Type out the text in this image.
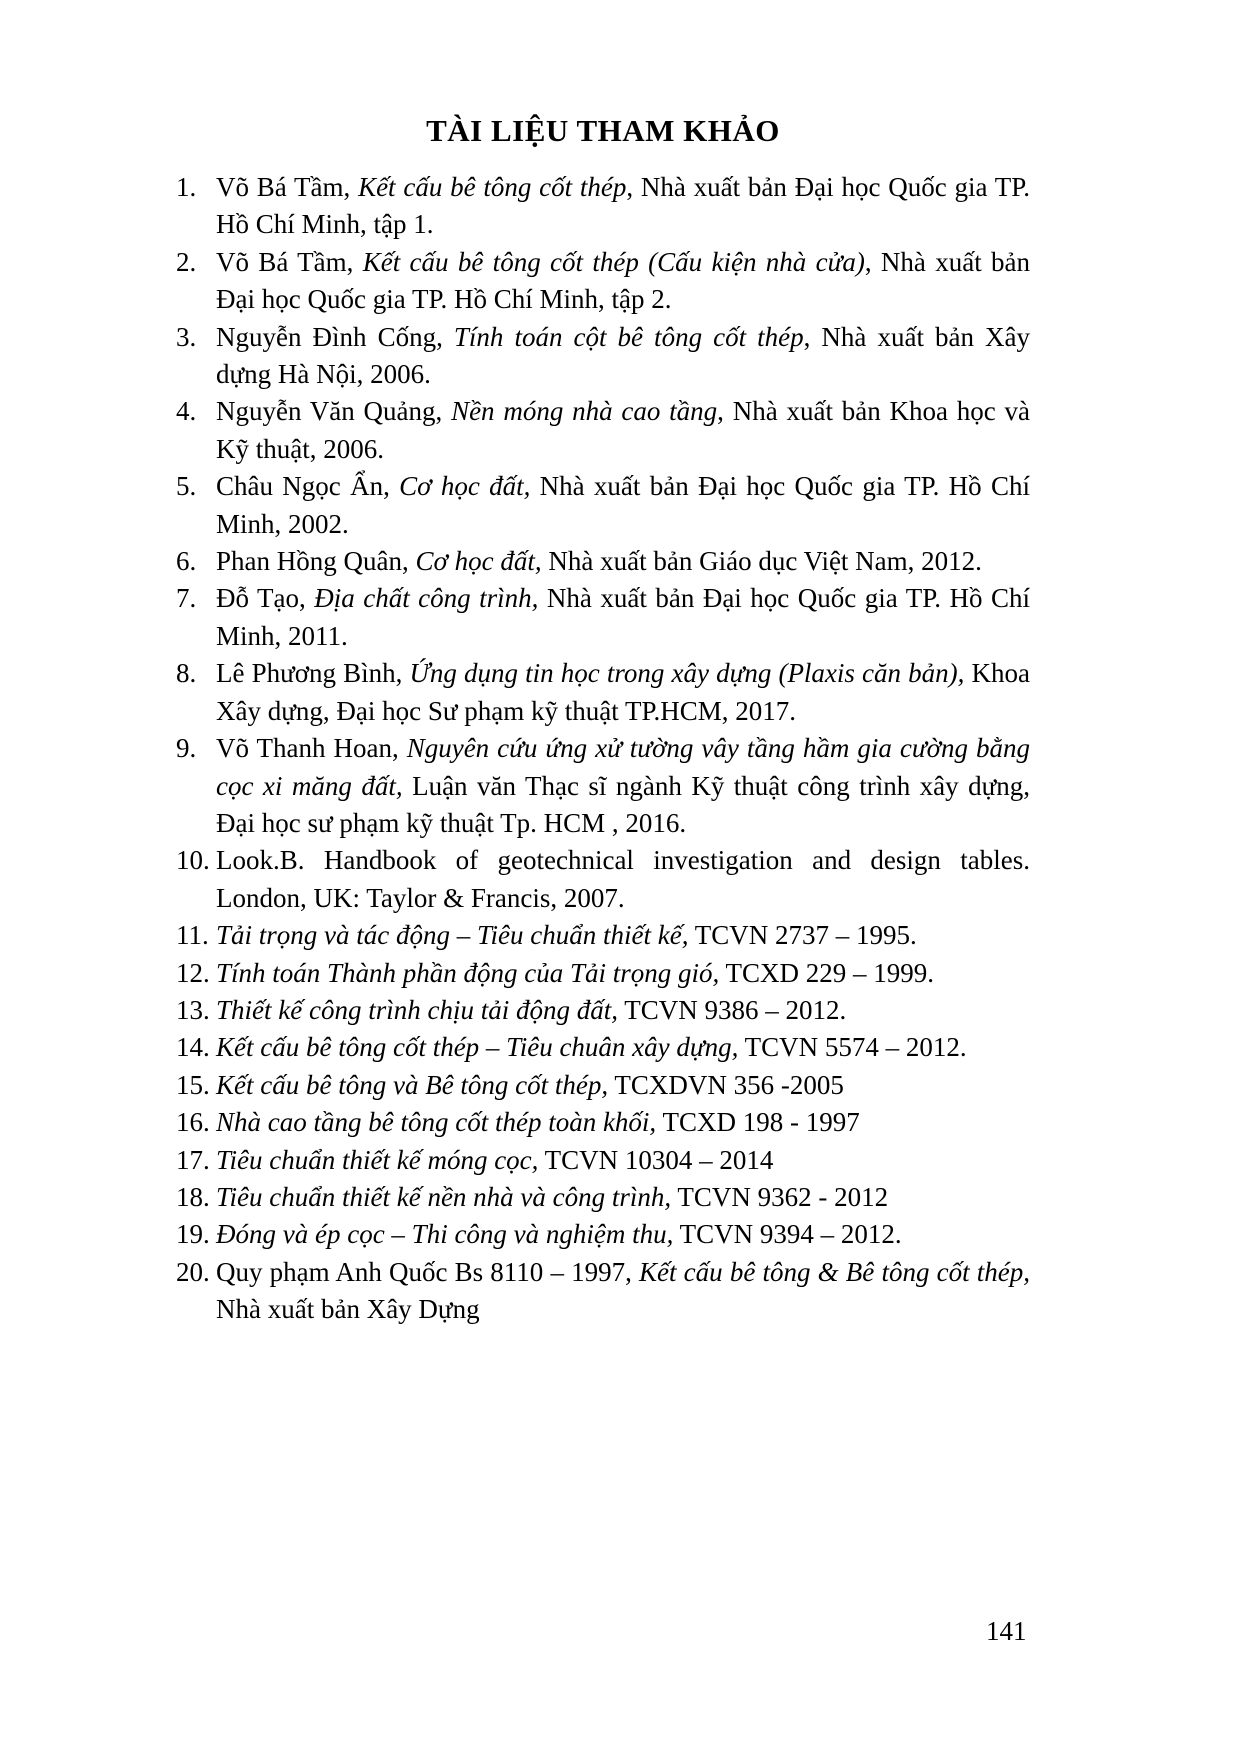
TÀI LIỆU THAM KHẢO

1. Võ Bá Tầm, Kết cấu bê tông cốt thép, Nhà xuất bản Đại học Quốc gia TP. Hồ Chí Minh, tập 1.

2. Võ Bá Tầm, Kết cấu bê tông cốt thép (Cấu kiện nhà cửa), Nhà xuất bản Đại học Quốc gia TP. Hồ Chí Minh, tập 2.

3. Nguyễn Đình Cống, Tính toán cột bê tông cốt thép, Nhà xuất bản Xây dựng Hà Nội, 2006.

4. Nguyễn Văn Quảng, Nền móng nhà cao tầng, Nhà xuất bản Khoa học và Kỹ thuật, 2006.

5. Châu Ngọc Ẩn, Cơ học đất, Nhà xuất bản Đại học Quốc gia TP. Hồ Chí Minh, 2002.

6. Phan Hồng Quân, Cơ học đất, Nhà xuất bản Giáo dục Việt Nam, 2012.

7. Đỗ Tạo, Địa chất công trình, Nhà xuất bản Đại học Quốc gia TP. Hồ Chí Minh, 2011.

8. Lê Phương Bình, Ứng dụng tin học trong xây dựng (Plaxis căn bản), Khoa Xây dựng, Đại học Sư phạm kỹ thuật TP.HCM, 2017.

9. Võ Thanh Hoan, Nguyên cứu ứng xử tường vây tầng hầm gia cường bằng cọc xi măng đất, Luận văn Thạc sĩ ngành Kỹ thuật công trình xây dựng, Đại học sư phạm kỹ thuật Tp. HCM , 2016.

10. Look.B. Handbook of geotechnical investigation and design tables. London, UK: Taylor & Francis, 2007.

11. Tải trọng và tác động – Tiêu chuẩn thiết kế, TCVN 2737 – 1995.

12. Tính toán Thành phần động của Tải trọng gió, TCXD 229 – 1999.

13. Thiết kế công trình chịu tải động đất, TCVN 9386 – 2012.

14. Kết cấu bê tông cốt thép – Tiêu chuân xây dựng, TCVN 5574 – 2012.

15. Kết cấu bê tông và Bê tông cốt thép, TCXDVN 356 -2005

16. Nhà cao tầng bê tông cốt thép toàn khối, TCXD 198 - 1997

17. Tiêu chuẩn thiết kế móng cọc, TCVN 10304 – 2014

18. Tiêu chuẩn thiết kế nền nhà và công trình, TCVN 9362 - 2012

19. Đóng và ép cọc – Thi công và nghiệm thu, TCVN 9394 – 2012.

20. Quy phạm Anh Quốc Bs 8110 – 1997, Kết cấu bê tông & Bê tông cốt thép, Nhà xuất bản Xây Dựng

141
